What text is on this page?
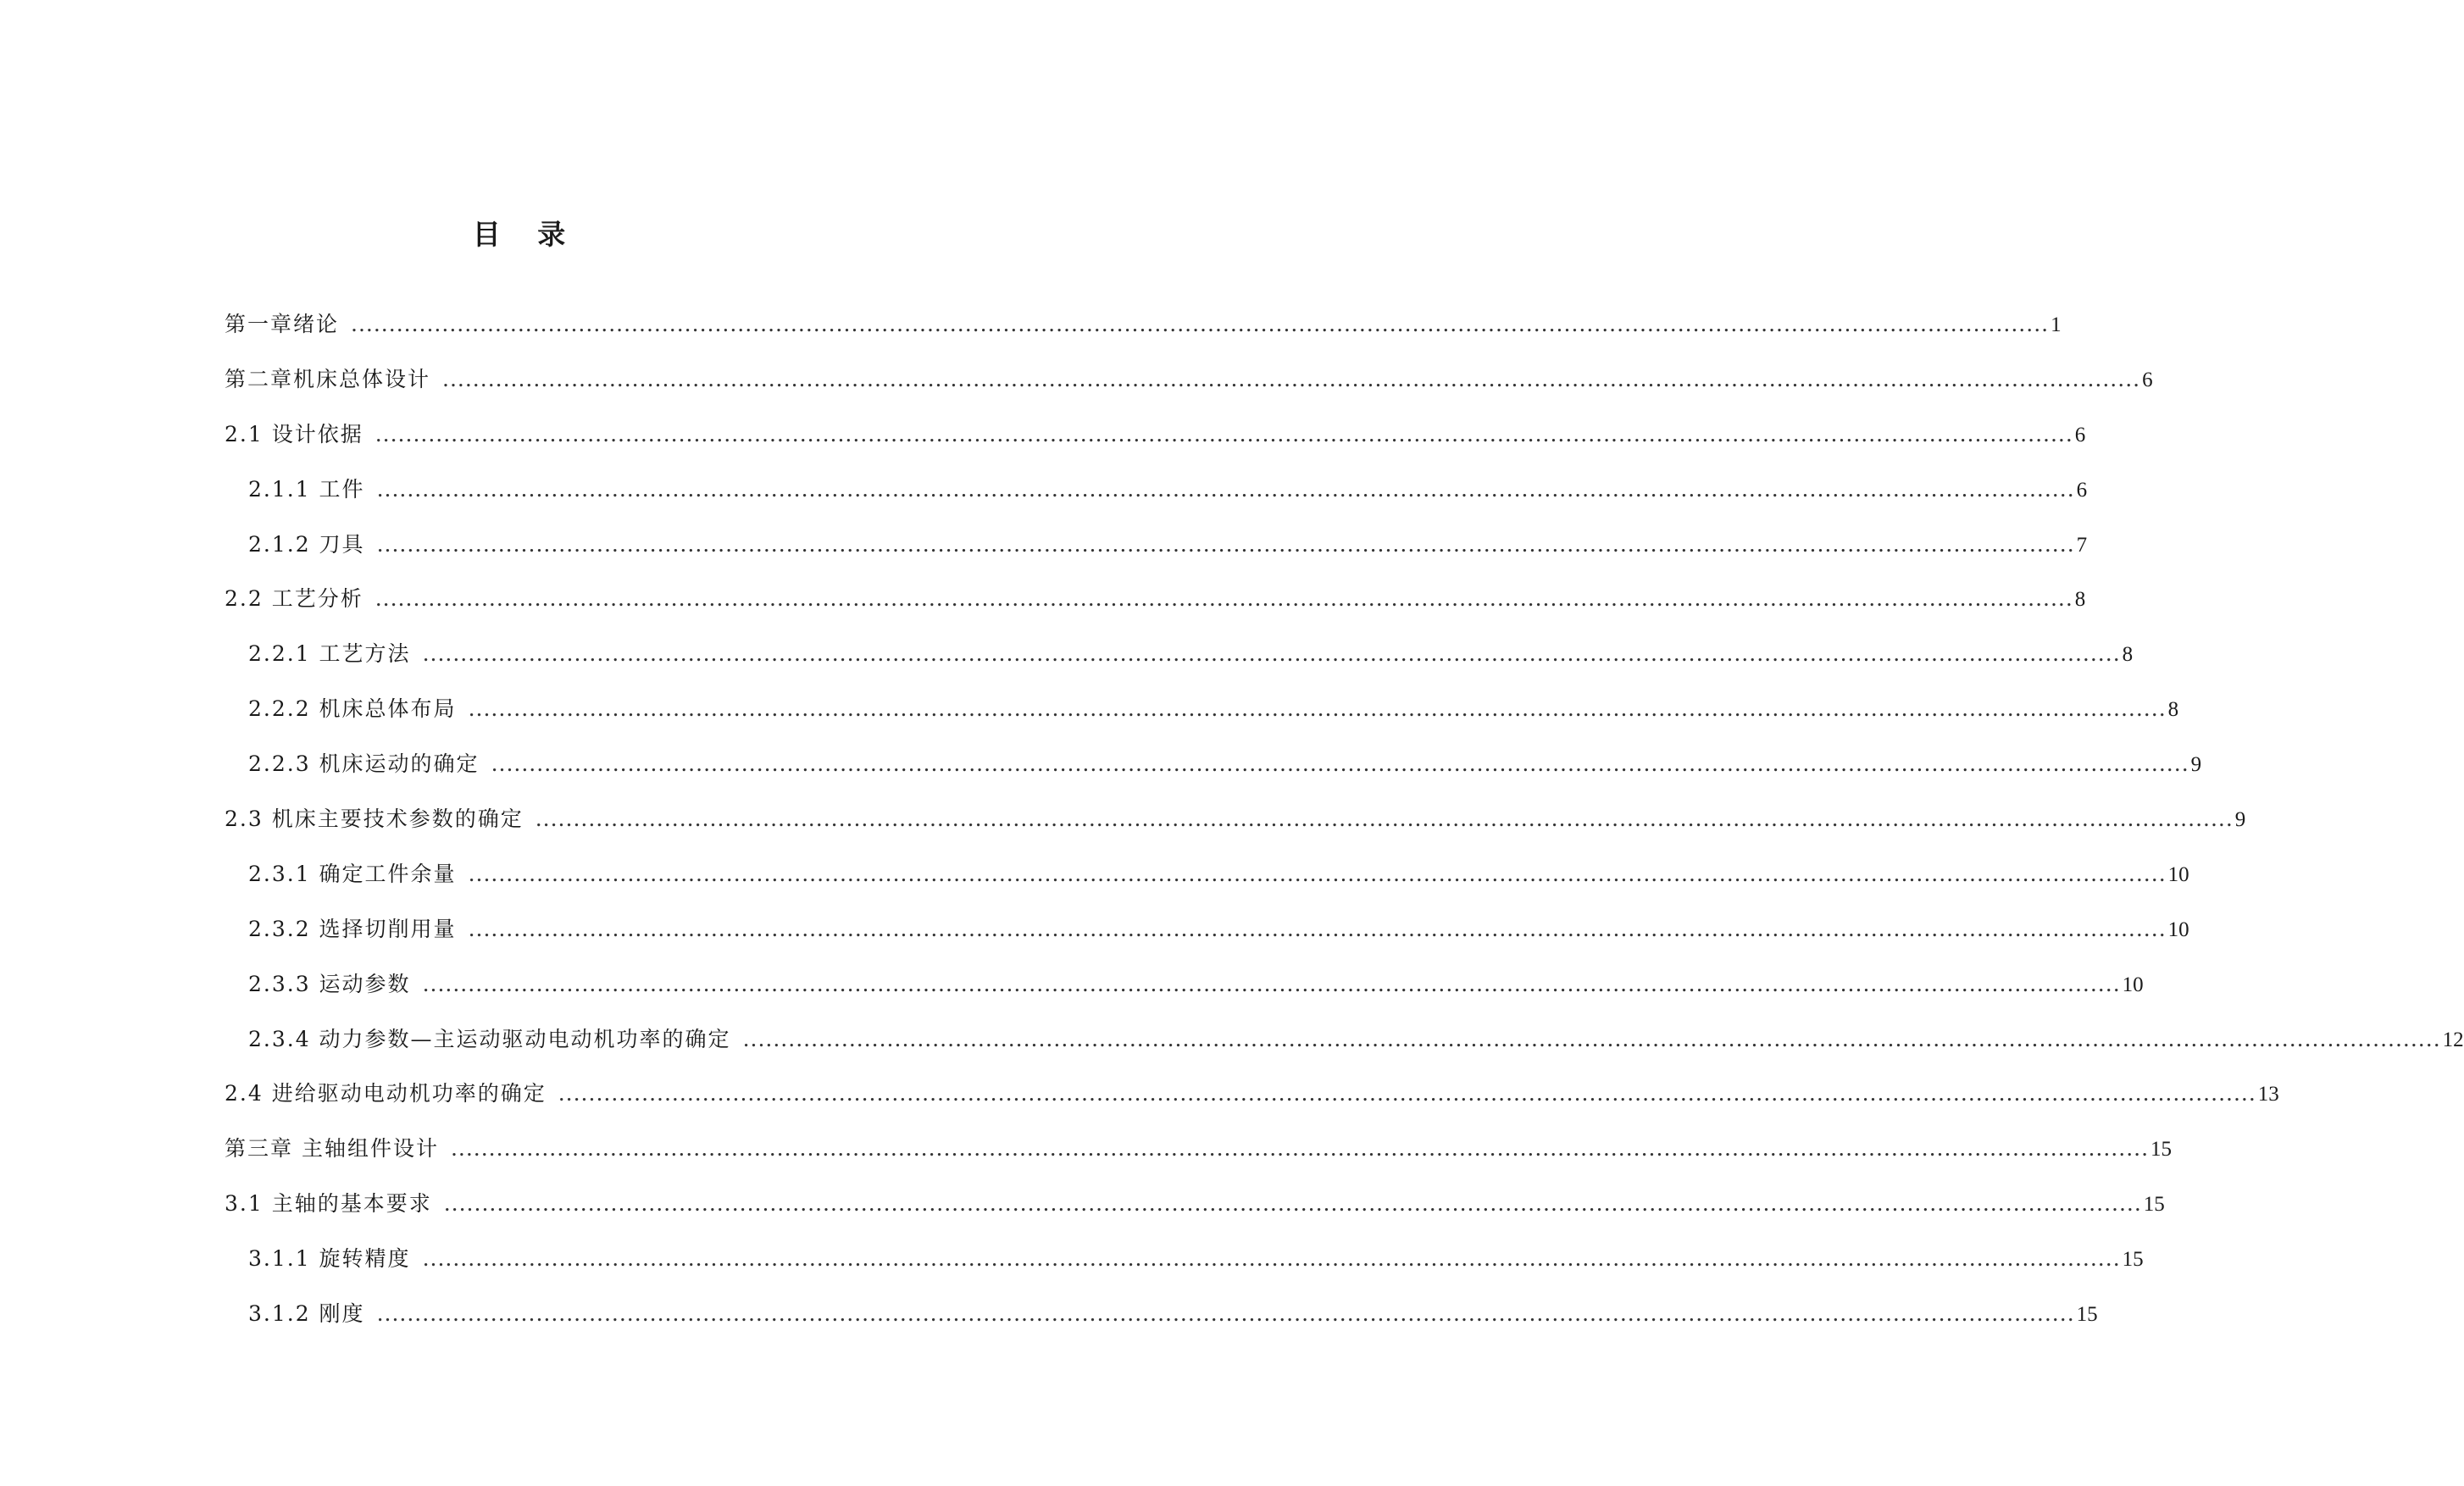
目 录
第一章绪论 ................................................................................................................................................................................................................................ 1
第二章机床总体设计 ................................................................................................................................................................................................................................ 6
2.1 设计依据 ................................................................................................................................................................................................................................ 6
2.1.1 工件 ................................................................................................................................................................................................................................ 6
2.1.2 刀具 ................................................................................................................................................................................................................................ 7
2.2 工艺分析 ................................................................................................................................................................................................................................ 8
2.2.1 工艺方法 ................................................................................................................................................................................................................................ 8
2.2.2 机床总体布局 ................................................................................................................................................................................................................................ 8
2.2.3 机床运动的确定 ................................................................................................................................................................................................................................ 9
2.3 机床主要技术参数的确定 ................................................................................................................................................................................................................................ 9
2.3.1 确定工件余量 ................................................................................................................................................................................................................................ 10
2.3.2 选择切削用量 ................................................................................................................................................................................................................................ 10
2.3.3 运动参数 ................................................................................................................................................................................................................................ 10
2.3.4 动力参数—主运动驱动电动机功率的确定 ................................................................................................................................................................................................................................ 12
2.4 进给驱动电动机功率的确定 ................................................................................................................................................................................................................................ 13
第三章 主轴组件设计 ................................................................................................................................................................................................................................ 15
3.1 主轴的基本要求 ................................................................................................................................................................................................................................ 15
3.1.1 旋转精度 ................................................................................................................................................................................................................................ 15
3.1.2 刚度 ................................................................................................................................................................................................................................ 15
